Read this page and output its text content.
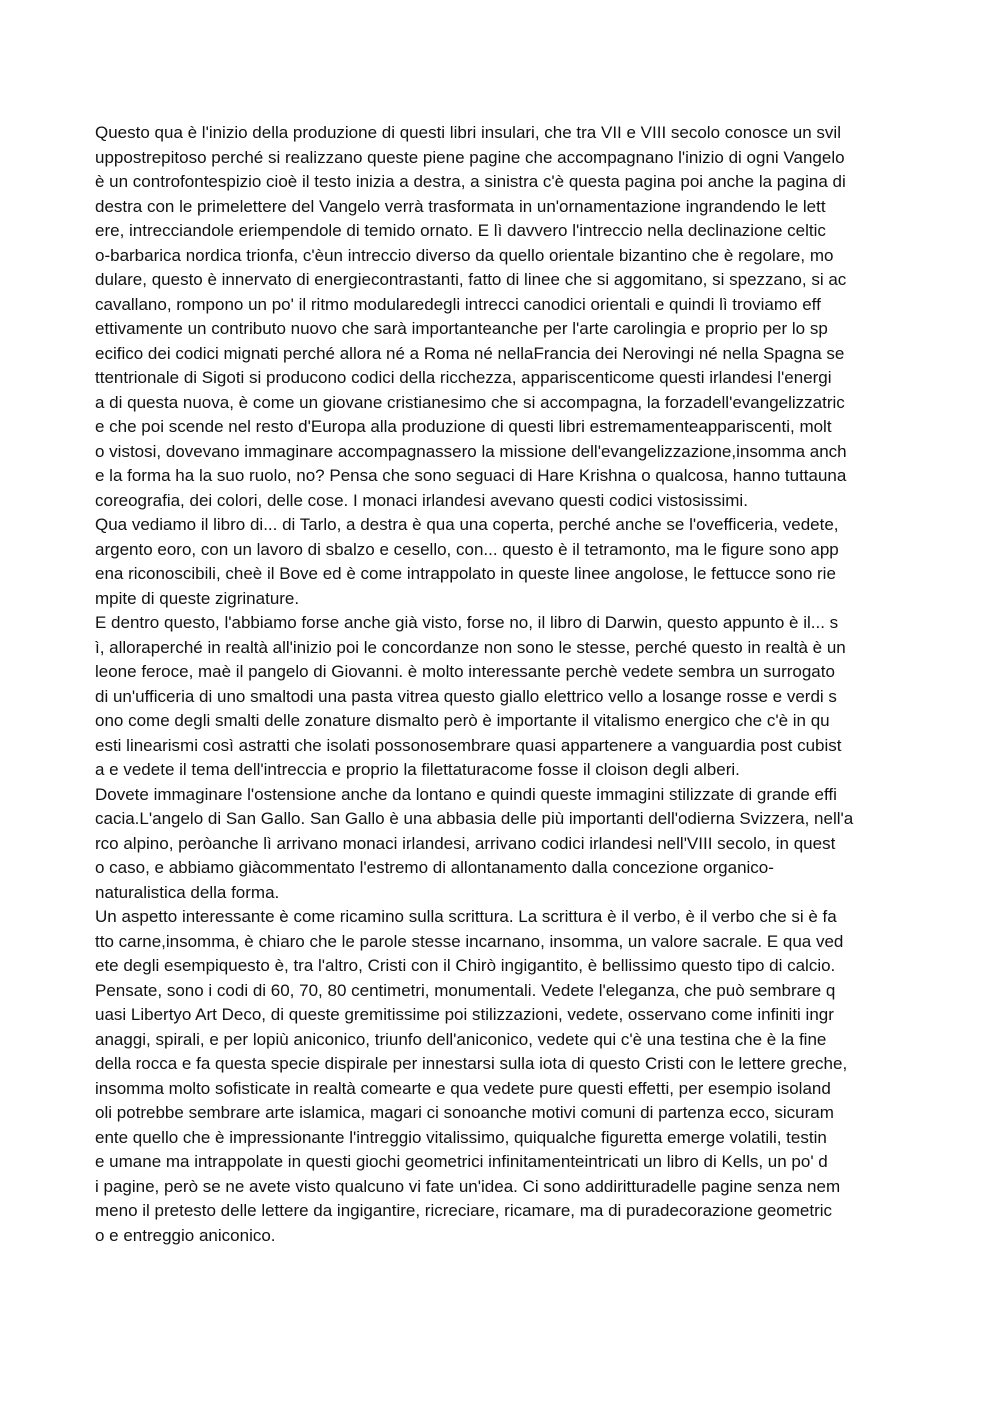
Questo qua è l'inizio della produzione di questi libri insulari, che tra VII e VIII secolo conosce un svil
uppostrepitoso perché si realizzano queste piene pagine che accompagnano l'inizio di ogni Vangelo
è un controfontespizio cioè il testo inizia a destra, a sinistra c'è questa pagina poi anche la pagina di
destra con le primelettere del Vangelo verrà trasformata in un'ornamentazione ingrandendo le lett
ere, intrecciandole eriempendole di temido ornato. E lì davvero l'intreccio nella declinazione celtic
o-barbarica nordica trionfa, c'èun intreccio diverso da quello orientale bizantino che è regolare, mo
dulare, questo è innervato di energiecontrastanti, fatto di linee che si aggomitano, si spezzano, si ac
cavallano, rompono un po' il ritmo modularedegli intrecci canodici orientali e quindi lì troviamo eff
ettivamente un contributo nuovo che sarà importanteanche per l'arte carolingia e proprio per lo sp
ecifico dei codici mignati perché allora né a Roma né nellaFrancia dei Nerovingi né nella Spagna se
ttentrionale di Sigoti si producono codici della ricchezza, appariscenticome questi irlandesi l'energi
a di questa nuova, è come un giovane cristianesimo che si accompagna, la forzadell'evangelizzatric
e che poi scende nel resto d'Europa alla produzione di questi libri estremamenteappariscenti, molt
o vistosi, dovevano immaginare accompagnassero la missione dell'evangelizzazione,insomma anch
e la forma ha la suo ruolo, no? Pensa che sono seguaci di Hare Krishna o qualcosa, hanno tuttauna
coreografia, dei colori, delle cose. I monaci irlandesi avevano questi codici vistosissimi.
Qua vediamo il libro di... di Tarlo, a destra è qua una coperta, perché anche se l'ovefficeria, vedete,
argento eoro, con un lavoro di sbalzo e cesello, con... questo è il tetramonto, ma le figure sono app
ena riconoscibili, cheè il Bove ed è come intrappolato in queste linee angolose, le fettucce sono rie
mpite di queste zigrinature.
E dentro questo, l'abbiamo forse anche già visto, forse no, il libro di Darwin, questo appunto è il... s
ì, alloraperché in realtà all'inizio poi le concordanze non sono le stesse, perché questo in realtà è un
leone feroce, maè il pangelo di Giovanni. è molto interessante perchè vedete sembra un surrogato
di un'ufficeria di uno smaltodi una pasta vitrea questo giallo elettrico vello a losange rosse e verdi s
ono come degli smalti delle zonature dismalto però è importante il vitalismo energico che c'è in qu
esti linearismi così astratti che isolati possonosembrare quasi appartenere a vanguardia post cubist
a e vedete il tema dell'intreccia e proprio la filettaturacome fosse il cloison degli alberi.
Dovete immaginare l'ostensione anche da lontano e quindi queste immagini stilizzate di grande effi
cacia.L'angelo di San Gallo. San Gallo è una abbasia delle più importanti dell'odierna Svizzera, nell'a
rco alpino, peròanche lì arrivano monaci irlandesi, arrivano codici irlandesi nell'VIII secolo, in quest
o caso, e abbiamo giàcommentato l'estremo di allontanamento dalla concezione organico-
naturalistica della forma.
Un aspetto interessante è come ricamino sulla scrittura. La scrittura è il verbo, è il verbo che si è fa
tto carne,insomma, è chiaro che le parole stesse incarnano, insomma, un valore sacrale. E qua ved
ete degli esempiquesto è, tra l'altro, Cristi con il Chirò ingigantito, è bellissimo questo tipo di calcio.
Pensate, sono i codi di 60, 70, 80 centimetri, monumentali. Vedete l'eleganza, che può sembrare q
uasi Libertyo Art Deco, di queste gremitissime poi stilizzazioni, vedete, osservano come infiniti ingr
anaggi, spirali, e per lopiù aniconico, triunfo dell'aniconico, vedete qui c'è una testina che è la fine
della rocca e fa questa specie dispirale per innestarsi sulla iota di questo Cristi con le lettere greche,
insomma molto sofisticate in realtà comearte e qua vedete pure questi effetti, per esempio isoland
oli potrebbe sembrare arte islamica, magari ci sonoanche motivi comuni di partenza ecco, sicuram
ente quello che è impressionante l'intreggio vitalissimo, quiqualche figuretta emerge volatili, testin
e umane ma intrappolate in questi giochi geometrici infinitamenteintricati un libro di Kells, un po' d
i pagine, però se ne avete visto qualcuno vi fate un'idea. Ci sono addiritturadelle pagine senza nem
meno il pretesto delle lettere da ingigantire, ricreciare, ricamare, ma di puradecorazione geometric
o e entreggio aniconico.
